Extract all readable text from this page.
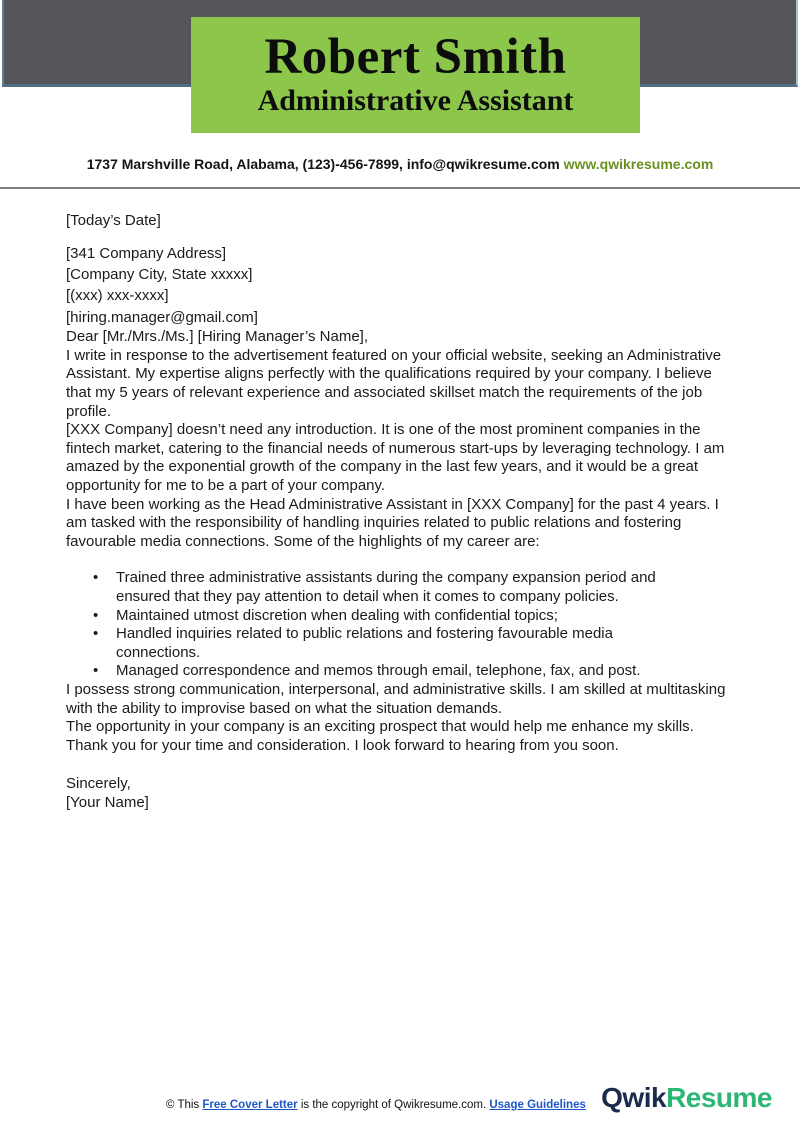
Robert Smith
Administrative Assistant
1737 Marshville Road, Alabama, (123)-456-7899, info@qwikresume.com www.qwikresume.com

[Today’s Date]

[341 Company Address]
[Company City, State xxxxx]
[(xxx) xxx-xxxx]
[hiring.manager@gmail.com]

Dear [Mr./Mrs./Ms.] [Hiring Manager’s Name],

I write in response to the advertisement featured on your official website, seeking an Administrative Assistant. My expertise aligns perfectly with the qualifications required by your company. I believe that my 5 years of relevant experience and associated skillset match the requirements of the job profile.

[XXX Company] doesn’t need any introduction. It is one of the most prominent companies in the fintech market, catering to the financial needs of numerous start-ups by leveraging technology. I am amazed by the exponential growth of the company in the last few years, and it would be a great opportunity for me to be a part of your company.

I have been working as the Head Administrative Assistant in [XXX Company] for the past 4 years. I am tasked with the responsibility of handling inquiries related to public relations and fostering favourable media connections. Some of the highlights of my career are:

•
Trained three administrative assistants during the company expansion period and ensured that they pay attention to detail when it comes to company policies.
•
Maintained utmost discretion when dealing with confidential topics;
•
Handled inquiries related to public relations and fostering favourable media connections.
•
Managed correspondence and memos through email, telephone, fax, and post.

I possess strong communication, interpersonal, and administrative skills. I am skilled at multitasking with the ability to improvise based on what the situation demands.

The opportunity in your company is an exciting prospect that would help me enhance my skills. Thank you for your time and consideration. I look forward to hearing from you soon.

Sincerely,
[Your Name]
© This Free Cover Letter is the copyright of Qwikresume.com. Usage Guidelines QwikResume
